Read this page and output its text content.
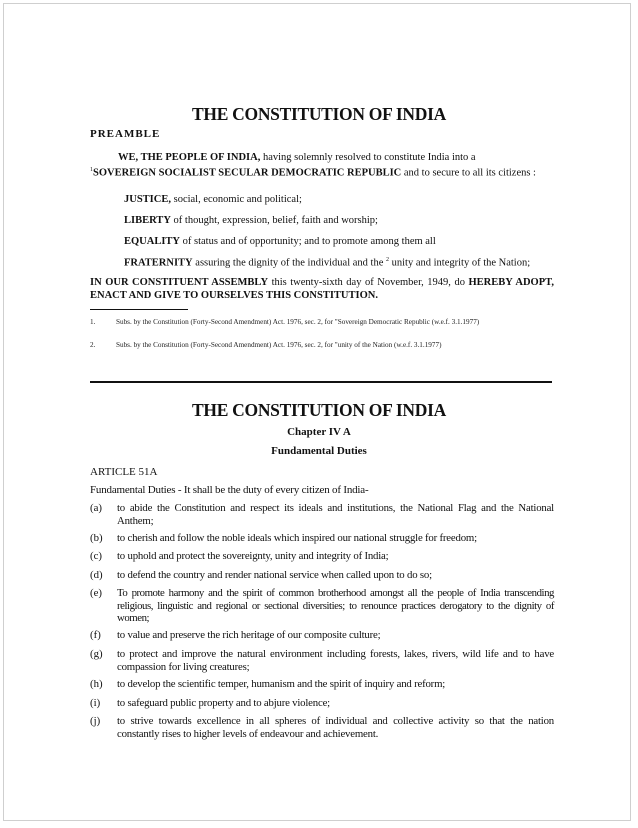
THE CONSTITUTION OF INDIA
PREAMBLE
WE, THE PEOPLE OF INDIA, having solemnly resolved to constitute India into a
$^1$SOVEREIGN SOCIALIST SECULAR DEMOCRATIC REPUBLIC and to secure to all its citizens :
JUSTICE, social, economic and political;
LIBERTY of thought, expression, belief, faith and worship;
EQUALITY of status and of opportunity; and to promote among them all
FRATERNITY assuring the dignity of the individual and the $^2$ unity and integrity of the Nation;
IN OUR CONSTITUENT ASSEMBLY this twenty-sixth day of November, 1949, do HEREBY ADOPT, ENACT AND GIVE TO OURSELVES THIS CONSTITUTION.
1.	Subs. by the Constitution (Forty-Second Amendment) Act. 1976, sec. 2, for "Sovereign Democratic Republic (w.e.f. 3.1.1977)
2.	Subs. by the Constitution (Forty-Second Amendment) Act. 1976, sec. 2, for "unity of the Nation (w.e.f. 3.1.1977)
THE CONSTITUTION OF INDIA
Chapter IV A
Fundamental Duties
ARTICLE 51A
Fundamental Duties - It shall be the duty of every citizen of India-
(a) to abide the Constitution and respect its ideals and institutions, the National Flag and the National Anthem;
(b) to cherish and follow the noble ideals which inspired our national struggle for freedom;
(c) to uphold and protect the sovereignty, unity and integrity of India;
(d) to defend the country and render national service when called upon to do so;
(e) To promote harmony and the spirit of common brotherhood amongst all the people of India transcending religious, linguistic and regional or sectional diversities; to renounce practices derogatory to the dignity of women;
(f) to value and preserve the rich heritage of our composite culture;
(g) to protect and improve the natural environment including forests, lakes, rivers, wild life and to have compassion for living creatures;
(h) to develop the scientific temper, humanism and the spirit of inquiry and reform;
(i) to safeguard public property and to abjure violence;
(j) to strive towards excellence in all spheres of individual and collective activity so that the nation constantly rises to higher levels of endeavour and achievement.
